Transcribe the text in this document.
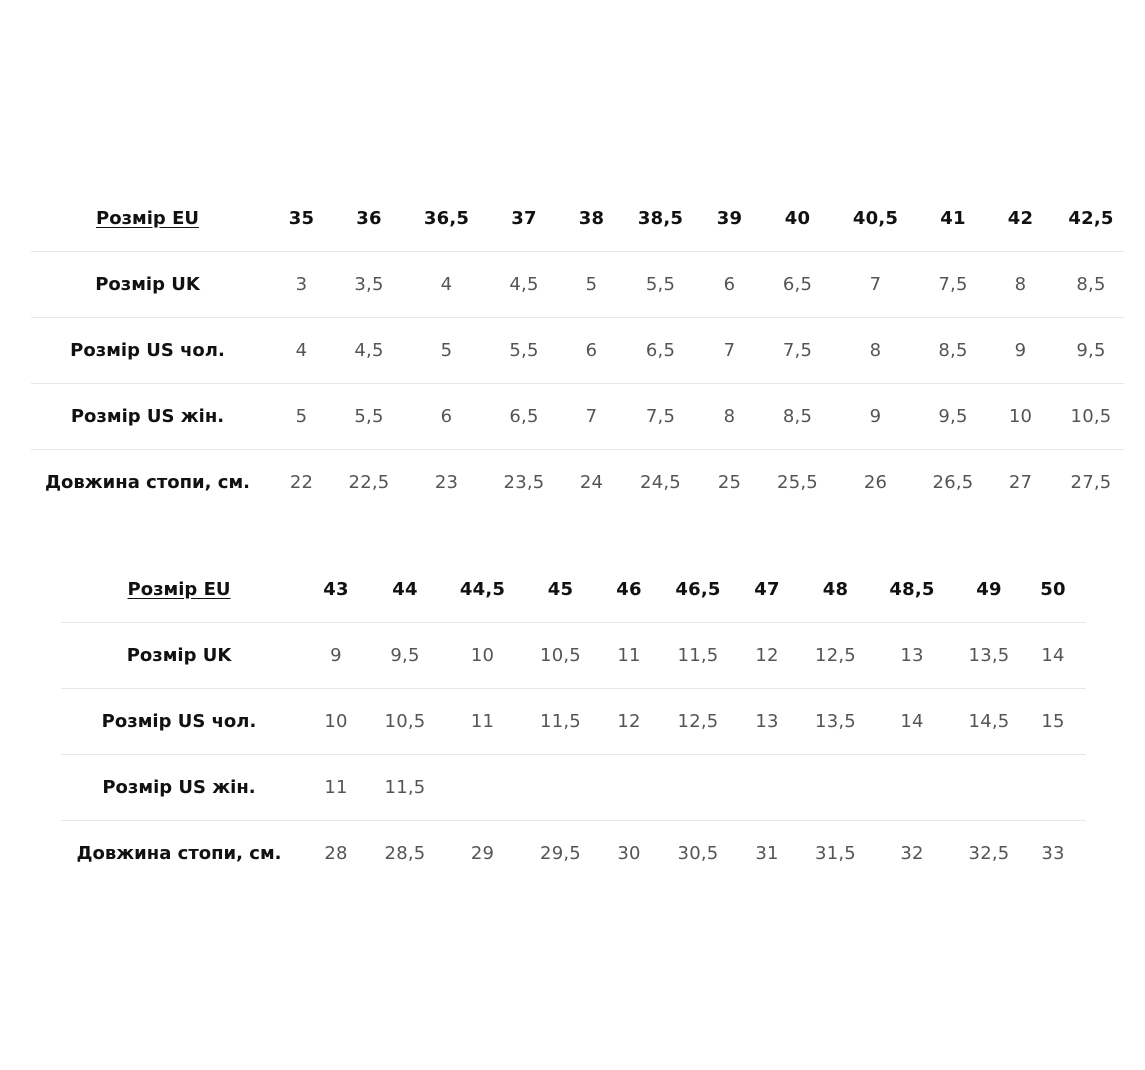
Розмір EU	35	36	36,5	37	38	38,5	39	40	40,5	41	42	42,5
Розмір UK	3	3,5	4	4,5	5	5,5	6	6,5	7	7,5	8	8,5
Розмір US чол.	4	4,5	5	5,5	6	6,5	7	7,5	8	8,5	9	9,5
Розмір US жін.	5	5,5	6	6,5	7	7,5	8	8,5	9	9,5	10	10,5
Довжина стопи, см.	22	22,5	23	23,5	24	24,5	25	25,5	26	26,5	27	27,5
Розмір EU	43	44	44,5	45	46	46,5	47	48	48,5	49	50
Розмір UK	9	9,5	10	10,5	11	11,5	12	12,5	13	13,5	14
Розмір US чол.	10	10,5	11	11,5	12	12,5	13	13,5	14	14,5	15
Розмір US жін.	11	11,5									
Довжина стопи, см.	28	28,5	29	29,5	30	30,5	31	31,5	32	32,5	33
